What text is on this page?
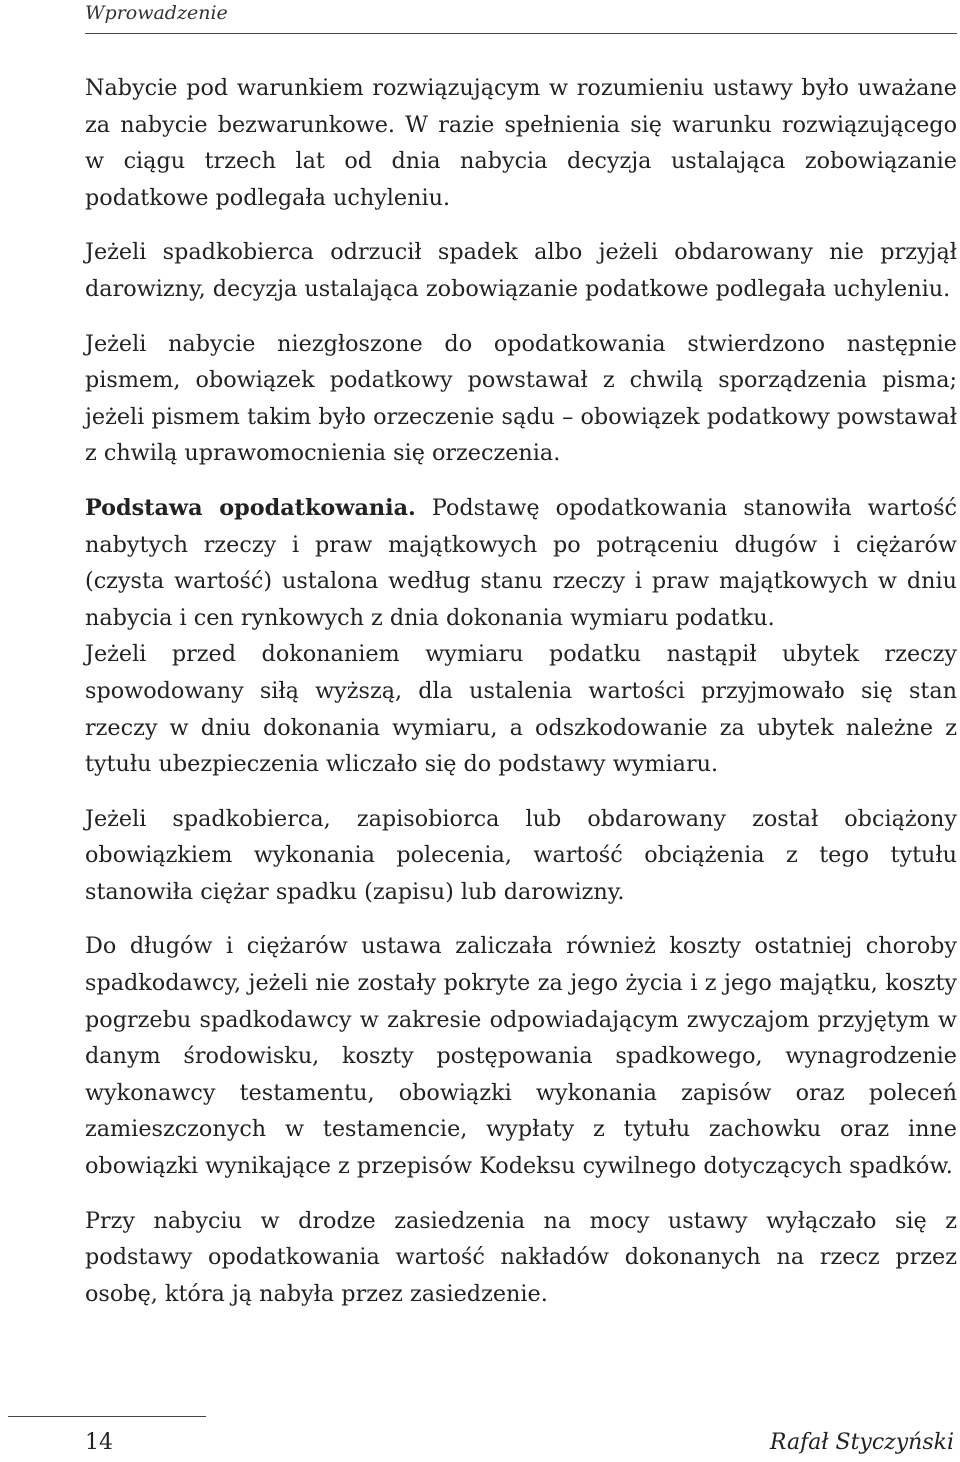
Wprowadzenie

Nabycie pod warunkiem rozwiązującym w rozumieniu ustawy było uważane za nabycie bezwarunkowe. W razie spełnienia się warunku rozwiązującego w ciągu trzech lat od dnia nabycia decyzja ustalająca zobowiązanie podatkowe podlegała uchyleniu.

Jeżeli spadkobierca odrzucił spadek albo jeżeli obdarowany nie przyjął darowizny, decyzja ustalająca zobowiązanie podatkowe podlegała uchyleniu.

Jeżeli nabycie niezgłoszone do opodatkowania stwierdzono następnie pismem, obowiązek podatkowy powstawał z chwilą sporządzenia pisma; jeżeli pismem takim było orzeczenie sądu – obowiązek podatkowy powstawał z chwilą uprawomocnienia się orzeczenia.

Podstawa opodatkowania. Podstawę opodatkowania stanowiła wartość nabytych rzeczy i praw majątkowych po potrąceniu długów i ciężarów (czysta wartość) ustalona według stanu rzeczy i praw majątkowych w dniu nabycia i cen rynkowych z dnia dokonania wymiaru podatku.

Jeżeli przed dokonaniem wymiaru podatku nastąpił ubytek rzeczy spowodowany siłą wyższą, dla ustalenia wartości przyjmowało się stan rzeczy w dniu dokonania wymiaru, a odszkodowanie za ubytek należne z tytułu ubezpieczenia wliczało się do podstawy wymiaru.

Jeżeli spadkobierca, zapisobiorca lub obdarowany został obciążony obowiązkiem wykonania polecenia, wartość obciążenia z tego tytułu stanowiła ciężar spadku (zapisu) lub darowizny.

Do długów i ciężarów ustawa zaliczała również koszty ostatniej choroby spadkodawcy, jeżeli nie zostały pokryte za jego życia i z jego majątku, koszty pogrzebu spadkodawcy w zakresie odpowiadającym zwyczajom przyjętym w danym środowisku, koszty postępowania spadkowego, wynagrodzenie wykonawcy testamentu, obowiązki wykonania zapisów oraz poleceń zamieszczonych w testamencie, wypłaty z tytułu zachowku oraz inne obowiązki wynikające z przepisów Kodeksu cywilnego dotyczących spadków.

Przy nabyciu w drodze zasiedzenia na mocy ustawy wyłączało się z podstawy opodatkowania wartość nakładów dokonanych na rzecz przez osobę, która ją nabyła przez zasiedzenie.

14	Rafał Styczyński
